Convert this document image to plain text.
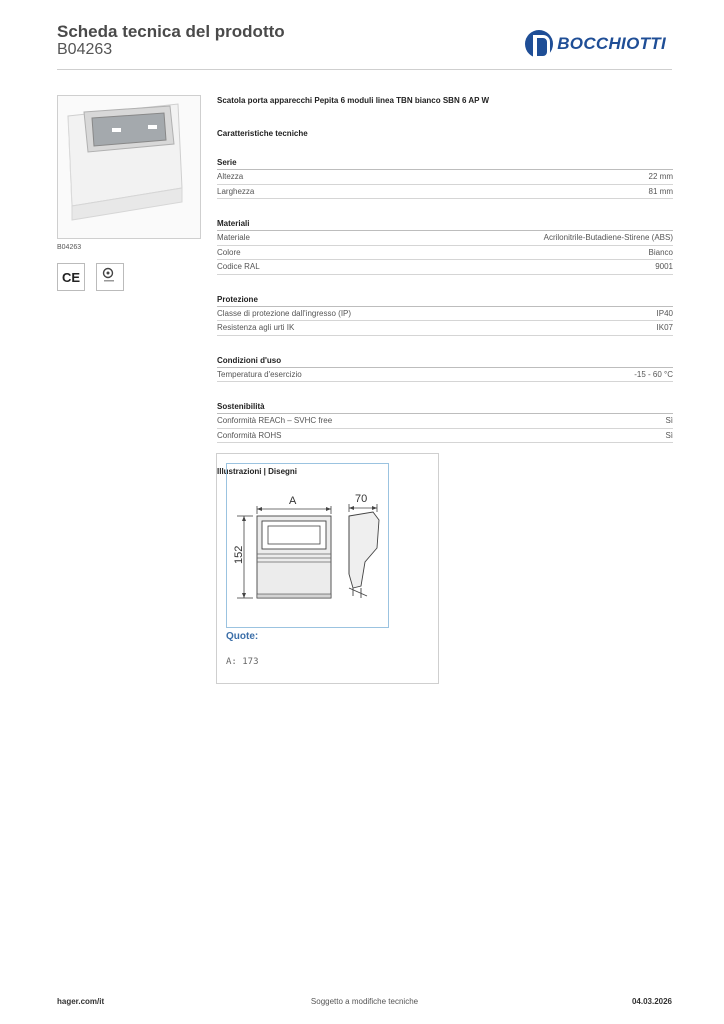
Scheda tecnica del prodotto
B04263	BOCCHIOTTI
B04263
CE
Scatola porta apparecchi Pepita 6 moduli linea TBN bianco SBN 6 AP W
Caratteristiche tecniche
Serie
Altezza	22 mm
Larghezza	81 mm
Materiali
Materiale	Acrilonitrile-Butadiene-Stirene (ABS)
Colore	Bianco
Codice RAL	9001
Protezione
Classe di protezione dall'ingresso (IP)	IP40
Resistenza agli urti IK	IK07
Condizioni d'uso
Temperatura d'esercizio	-15 - 60 °C
Sostenibilità
Conformità REACh – SVHC free	Sì
Conformità ROHS	Sì
Illustrazioni | Disegni
A
152
70
Quote:
A: 173
hager.com/it	Soggetto a modifiche tecniche	04.03.2026
